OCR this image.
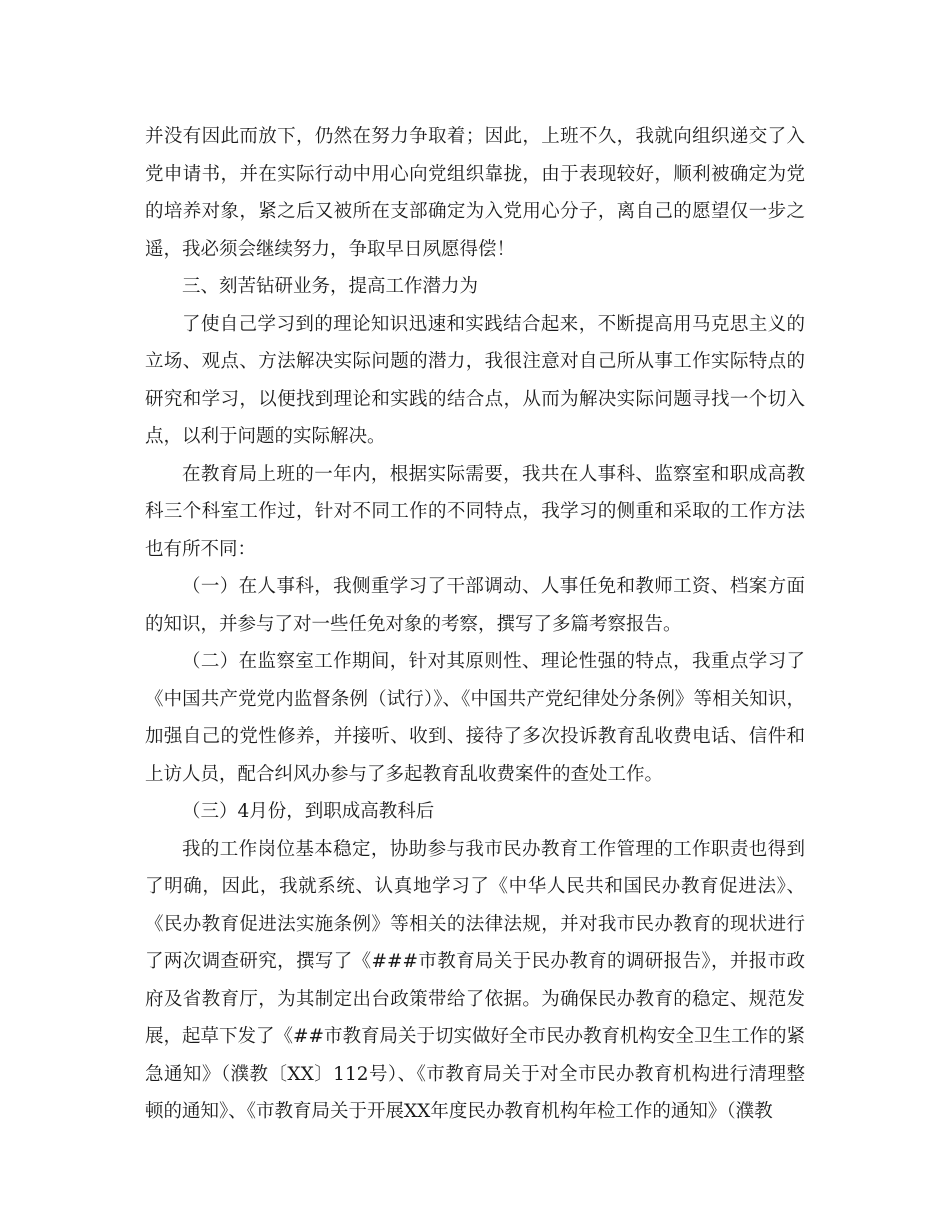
并没有因此而放下，仍然在努力争取着；因此，上班不久，我就向组织递交了入党申请书，并在实际行动中用心向党组织靠拢，由于表现较好，顺利被确定为党的培养对象，紧之后又被所在支部确定为入党用心分子，离自己的愿望仅一步之遥，我必须会继续努力，争取早日夙愿得偿！

三、刻苦钻研业务，提高工作潜力为

了使自己学习到的理论知识迅速和实践结合起来，不断提高用马克思主义的立场、观点、方法解决实际问题的潜力，我很注意对自己所从事工作实际特点的研究和学习，以便找到理论和实践的结合点，从而为解决实际问题寻找一个切入点，以利于问题的实际解决。

在教育局上班的一年内，根据实际需要，我共在人事科、监察室和职成高教科三个科室工作过，针对不同工作的不同特点，我学习的侧重和采取的工作方法也有所不同：

（一）在人事科，我侧重学习了干部调动、人事任免和教师工资、档案方面的知识，并参与了对一些任免对象的考察，撰写了多篇考察报告。

（二）在监察室工作期间，针对其原则性、理论性强的特点，我重点学习了《中国共产党党内监督条例（试行）》、《中国共产党纪律处分条例》等相关知识，加强自己的党性修养，并接听、收到、接待了多次投诉教育乱收费电话、信件和上访人员，配合纠风办参与了多起教育乱收费案件的查处工作。

（三）4月份，到职成高教科后

我的工作岗位基本稳定，协助参与我市民办教育工作管理的工作职责也得到了明确，因此，我就系统、认真地学习了《中华人民共和国民办教育促进法》、《民办教育促进法实施条例》等相关的法律法规，并对我市民办教育的现状进行了两次调查研究，撰写了《###市教育局关于民办教育的调研报告》，并报市政府及省教育厅，为其制定出台政策带给了依据。为确保民办教育的稳定、规范发展，起草下发了《##市教育局关于切实做好全市民办教育机构安全卫生工作的紧急通知》（濮教〔XX〕112号）、《市教育局关于对全市民办教育机构进行清理整顿的通知》、《市教育局关于开展XX年度民办教育机构年检工作的通知》（濮教
